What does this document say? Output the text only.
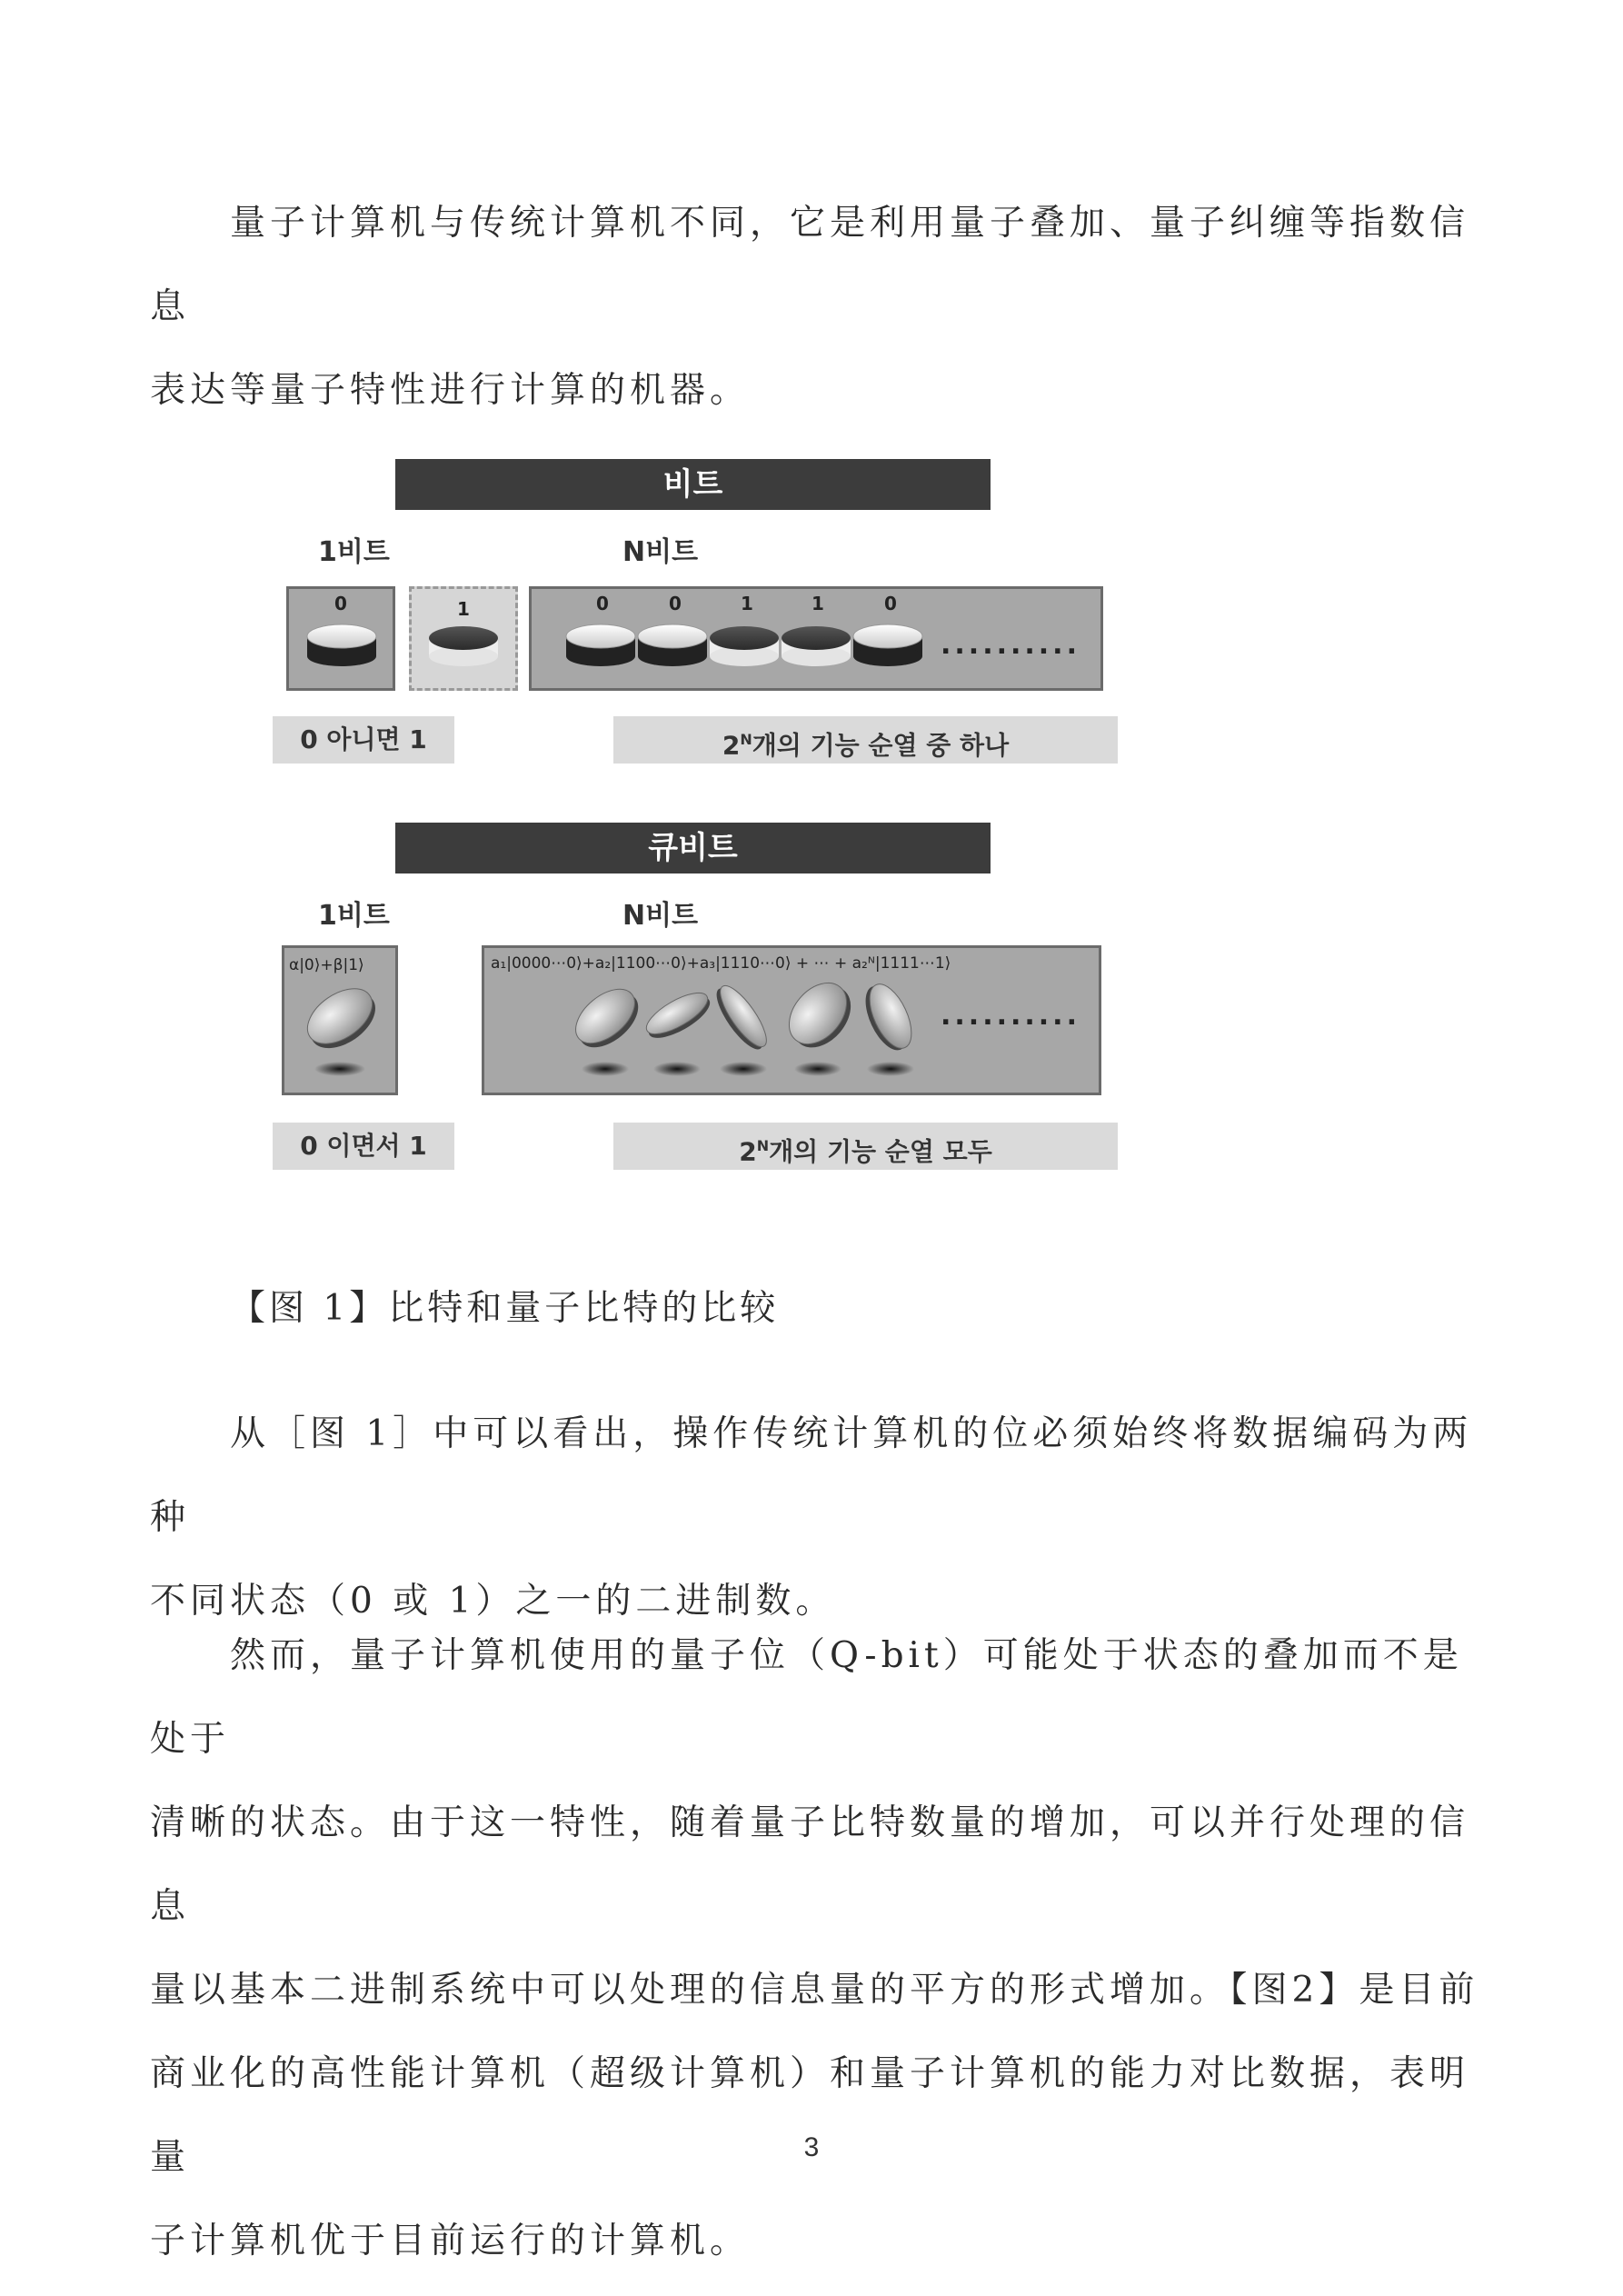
量子计算机与传统计算机不同，它是利用量子叠加、量子纠缠等指数信息
表达等量子特性进行计算的机器。
비트
1비트	N비트
0	1	0	0	1	1	0
..........
0 아니면 1	$2^N$개의 기능 순열 중 하나
큐비트
1비트	N비트
α|0⟩+β|1⟩	a₁|0000⋯0⟩+a₂|1100⋯0⟩+a₃|1110⋯0⟩ + ⋯ + a₂ᴺ|1111⋯1⟩
..........
0 이면서 1	$2^N$개의 기능 순열 모두
【图 1】比特和量子比特的比较
从［图 1］中可以看出，操作传统计算机的位必须始终将数据编码为两种
不同状态（0 或 1）之一的二进制数。
然而，量子计算机使用的量子位（Q-bit）可能处于状态的叠加而不是处于
清晰的状态。由于这一特性，随着量子比特数量的增加，可以并行处理的信息
量以基本二进制系统中可以处理的信息量的平方的形式增加。【图2】是目前
商业化的高性能计算机（超级计算机）和量子计算机的能力对比数据，表明量
子计算机优于目前运行的计算机。
3
